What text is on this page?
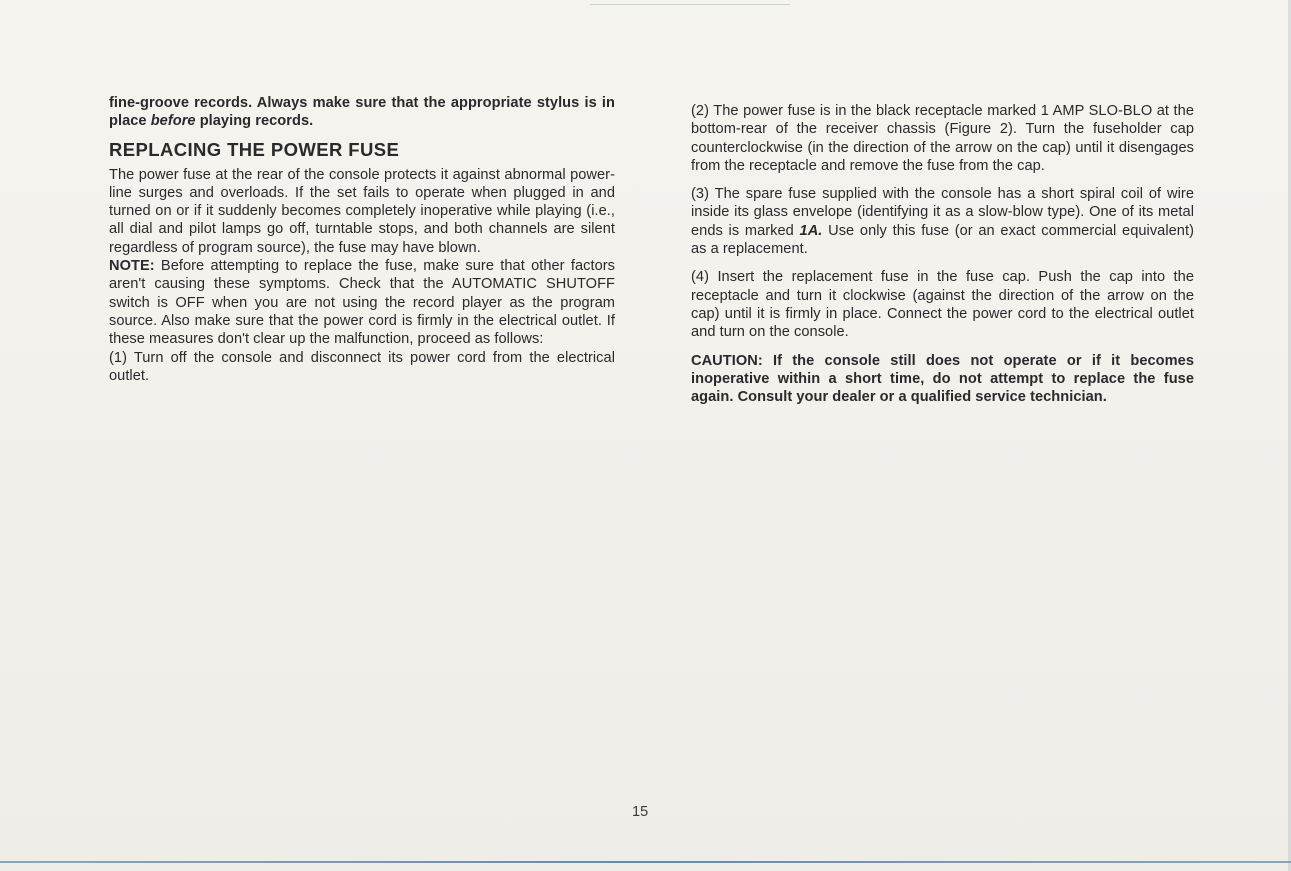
fine-groove records. Always make sure that the appropriate stylus is in place before playing records.

REPLACING THE POWER FUSE

The power fuse at the rear of the console protects it against abnormal power-line surges and overloads. If the set fails to operate when plugged in and turned on or if it suddenly becomes completely inoperative while playing (i.e., all dial and pilot lamps go off, turntable stops, and both channels are silent regardless of program source), the fuse may have blown.

NOTE: Before attempting to replace the fuse, make sure that other factors aren't causing these symptoms. Check that the AUTOMATIC SHUTOFF switch is OFF when you are not using the record player as the program source. Also make sure that the power cord is firmly in the electrical outlet. If these measures don't clear up the malfunction, proceed as follows:

(1) Turn off the console and disconnect its power cord from the electrical outlet.

(2) The power fuse is in the black receptacle marked 1 AMP SLO-BLO at the bottom-rear of the receiver chassis (Figure 2). Turn the fuseholder cap counterclockwise (in the direction of the arrow on the cap) until it disengages from the receptacle and remove the fuse from the cap.

(3) The spare fuse supplied with the console has a short spiral coil of wire inside its glass envelope (identifying it as a slow-blow type). One of its metal ends is marked 1A. Use only this fuse (or an exact commercial equivalent) as a replacement.

(4) Insert the replacement fuse in the fuse cap. Push the cap into the receptacle and turn it clockwise (against the direction of the arrow on the cap) until it is firmly in place. Connect the power cord to the electrical outlet and turn on the console.

CAUTION: If the console still does not operate or if it becomes inoperative within a short time, do not attempt to replace the fuse again. Consult your dealer or a qualified service technician.

15
